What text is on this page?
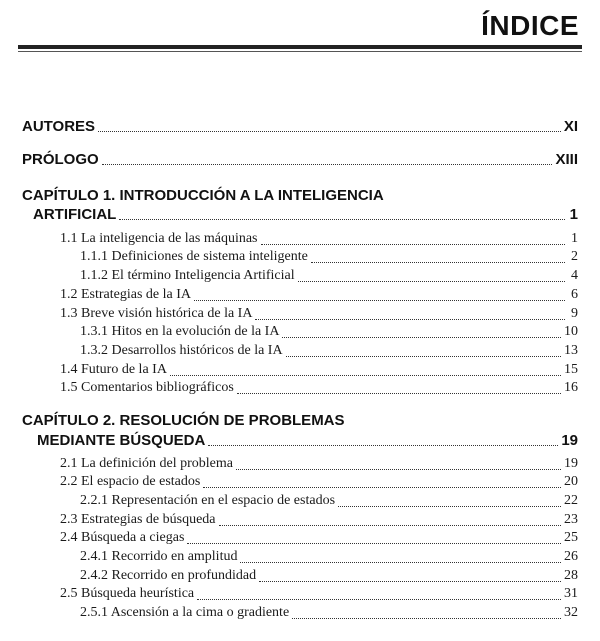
ÍNDICE
AUTORES	XI
PRÓLOGO	XIII
CAPÍTULO 1. INTRODUCCIÓN A LA INTELIGENCIA
ARTIFICIAL	1
1.1 La inteligencia de las máquinas	1
1.1.1 Definiciones de sistema inteligente	2
1.1.2 El término Inteligencia Artificial	4
1.2 Estrategias de la IA	6
1.3 Breve visión histórica de la IA	9
1.3.1 Hitos en la evolución de la IA	10
1.3.2 Desarrollos históricos de la IA	13
1.4 Futuro de la IA	15
1.5 Comentarios bibliográficos	16
CAPÍTULO 2. RESOLUCIÓN DE PROBLEMAS
MEDIANTE BÚSQUEDA	19
2.1 La definición del problema	19
2.2 El espacio de estados	20
2.2.1 Representación en el espacio de estados	22
2.3 Estrategias de búsqueda	23
2.4 Búsqueda a ciegas	25
2.4.1 Recorrido en amplitud	26
2.4.2 Recorrido en profundidad	28
2.5 Búsqueda heurística	31
2.5.1 Ascensión a la cima o gradiente	32
